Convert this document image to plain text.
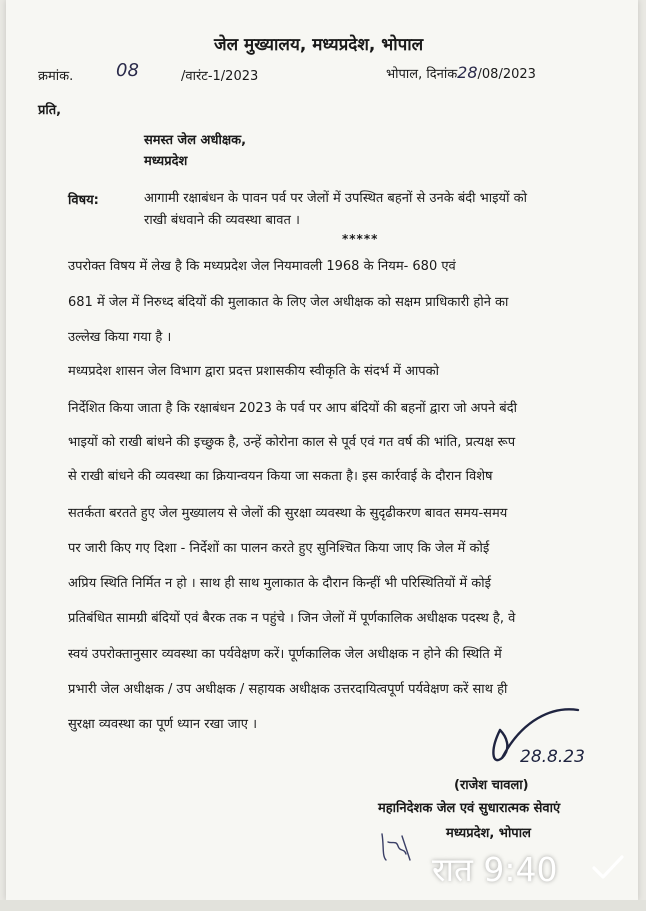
जेल मुख्यालय, मध्यप्रदेश, भोपाल
क्रमांक. 08	/वारंट-1/2023	भोपाल, दिनांक28/08/2023
प्रति,
समस्त जेल अधीक्षक,
मध्यप्रदेश
विषय:	आगामी रक्षाबंधन के पावन पर्व पर जेलों में उपस्थित बहनों से उनके बंदी भाइयों को
राखी बंधवाने की व्यवस्था बावत ।
*****
उपरोक्त विषय में लेख है कि मध्यप्रदेश जेल नियमावली 1968 के नियम- 680 एवं
681 में जेल में निरुध्द बंदियों की मुलाकात के लिए जेल अधीक्षक को सक्षम प्राधिकारी होने का
उल्लेख किया गया है ।
मध्यप्रदेश शासन जेल विभाग द्वारा प्रदत्त प्रशासकीय स्वीकृति के संदर्भ में आपको
निर्देशित किया जाता है कि रक्षाबंधन 2023 के पर्व पर आप बंदियों की बहनों द्वारा जो अपने बंदी
भाइयों को राखी बांधने की इच्छुक है, उन्हें कोरोना काल से पूर्व एवं गत वर्ष की भांति, प्रत्यक्ष रूप
से राखी बांधने की व्यवस्था का क्रियान्वयन किया जा सकता है। इस कार्रवाई के दौरान विशेष
सतर्कता बरतते हुए जेल मुख्यालय से जेलों की सुरक्षा व्यवस्था के सुदृढीकरण बावत समय-समय
पर जारी किए गए दिशा - निर्देशों का पालन करते हुए सुनिश्चित किया जाए कि जेल में कोई
अप्रिय स्थिति निर्मित न हो । साथ ही साथ मुलाकात के दौरान किन्हीं भी परिस्थितियों में कोई
प्रतिबंधित सामग्री बंदियों एवं बैरक तक न पहुंचे । जिन जेलों में पूर्णकालिक अधीक्षक पदस्थ है, वे
स्वयं उपरोक्तानुसार व्यवस्था का पर्यवेक्षण करें। पूर्णकालिक जेल अधीक्षक न होने की स्थिति में
प्रभारी जेल अधीक्षक / उप अधीक्षक / सहायक अधीक्षक उत्तरदायित्वपूर्ण पर्यवेक्षण करें साथ ही
सुरक्षा व्यवस्था का पूर्ण ध्यान रखा जाए ।
28.8.23
(राजेश चावला)
महानिदेशक जेल एवं सुधारात्मक सेवाएं
मध्यप्रदेश, भोपाल
रात 9:40
